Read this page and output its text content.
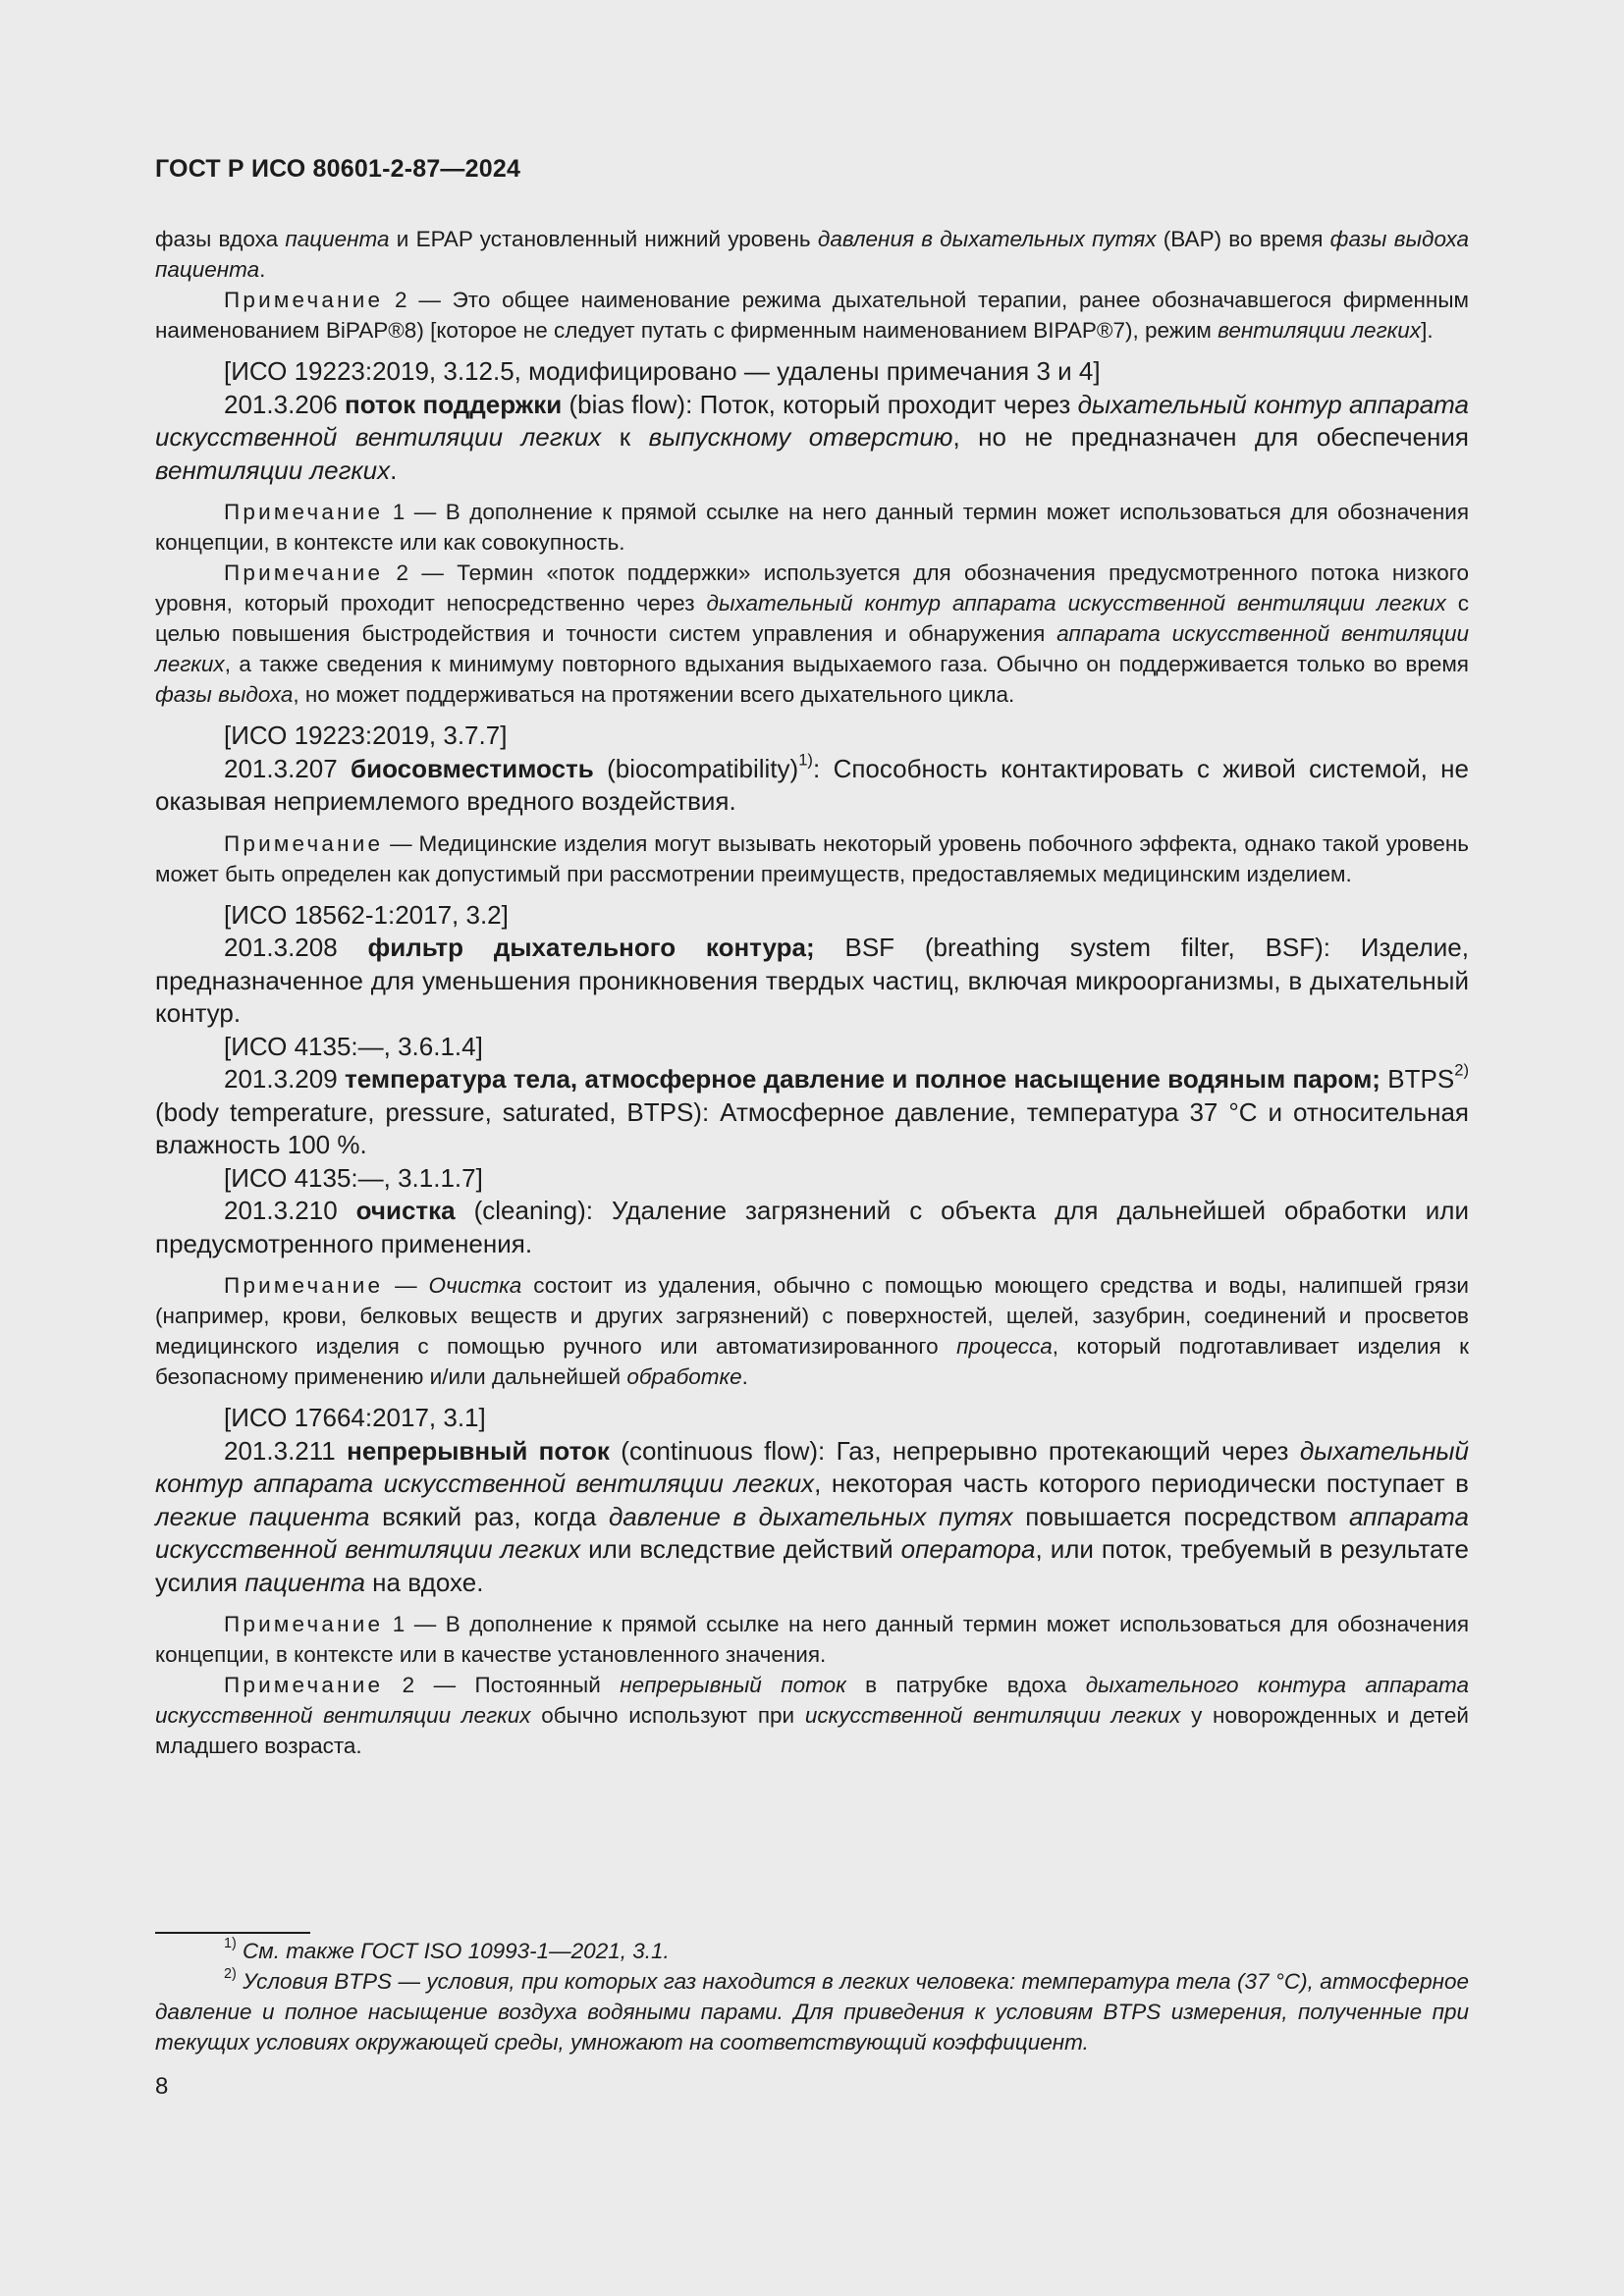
ГОСТ Р ИСО 80601-2-87—2024

фазы вдоха пациента и EPAP установленный нижний уровень давления в дыхательных путях (ВАР) во время фазы выдоха пациента.

Примечание 2 — Это общее наименование режима дыхательной терапии, ранее обозначавшегося фирменным наименованием BiPAP®8) [которое не следует путать с фирменным наименованием BIPAP®7), режим вентиляции легких].

[ИСО 19223:2019, 3.12.5, модифицировано — удалены примечания 3 и 4]

201.3.206 поток поддержки (bias flow): Поток, который проходит через дыхательный контур аппарата искусственной вентиляции легких к выпускному отверстию, но не предназначен для обеспечения вентиляции легких.

Примечание 1 — В дополнение к прямой ссылке на него данный термин может использоваться для обозначения концепции, в контексте или как совокупность.

Примечание 2 — Термин «поток поддержки» используется для обозначения предусмотренного потока низкого уровня, который проходит непосредственно через дыхательный контур аппарата искусственной вентиляции легких с целью повышения быстродействия и точности систем управления и обнаружения аппарата искусственной вентиляции легких, а также сведения к минимуму повторного вдыхания выдыхаемого газа. Обычно он поддерживается только во время фазы выдоха, но может поддерживаться на протяжении всего дыхательного цикла.

[ИСО 19223:2019, 3.7.7]

201.3.207 биосовместимость (biocompatibility)$^{1)}$: Способность контактировать с живой системой, не оказывая неприемлемого вредного воздействия.

Примечание — Медицинские изделия могут вызывать некоторый уровень побочного эффекта, однако такой уровень может быть определен как допустимый при рассмотрении преимуществ, предоставляемых медицинским изделием.

[ИСО 18562-1:2017, 3.2]

201.3.208 фильтр дыхательного контура; BSF (breathing system filter, BSF): Изделие, предназначенное для уменьшения проникновения твердых частиц, включая микроорганизмы, в дыхательный контур.

[ИСО 4135:—, 3.6.1.4]

201.3.209 температура тела, атмосферное давление и полное насыщение водяным паром; BTPS$^{2)}$ (body temperature, pressure, saturated, BTPS): Атмосферное давление, температура 37 °С и относительная влажность 100 %.

[ИСО 4135:—, 3.1.1.7]

201.3.210 очистка (cleaning): Удаление загрязнений с объекта для дальнейшей обработки или предусмотренного применения.

Примечание — Очистка состоит из удаления, обычно с помощью моющего средства и воды, налипшей грязи (например, крови, белковых веществ и других загрязнений) с поверхностей, щелей, зазубрин, соединений и просветов медицинского изделия с помощью ручного или автоматизированного процесса, который подготавливает изделия к безопасному применению и/или дальнейшей обработке.

[ИСО 17664:2017, 3.1]

201.3.211 непрерывный поток (continuous flow): Газ, непрерывно протекающий через дыхательный контур аппарата искусственной вентиляции легких, некоторая часть которого периодически поступает в легкие пациента всякий раз, когда давление в дыхательных путях повышается посредством аппарата искусственной вентиляции легких или вследствие действий оператора, или поток, требуемый в результате усилия пациента на вдохе.

Примечание 1 — В дополнение к прямой ссылке на него данный термин может использоваться для обозначения концепции, в контексте или в качестве установленного значения.

Примечание 2 — Постоянный непрерывный поток в патрубке вдоха дыхательного контура аппарата искусственной вентиляции легких обычно используют при искусственной вентиляции легких у новорожденных и детей младшего возраста.

$^{1)}$ См. также ГОСТ ISO 10993-1—2021, 3.1.

$^{2)}$ Условия BTPS — условия, при которых газ находится в легких человека: температура тела (37 °С), атмосферное давление и полное насыщение воздуха водяными парами. Для приведения к условиям BTPS измерения, полученные при текущих условиях окружающей среды, умножают на соответствующий коэффициент.

8
